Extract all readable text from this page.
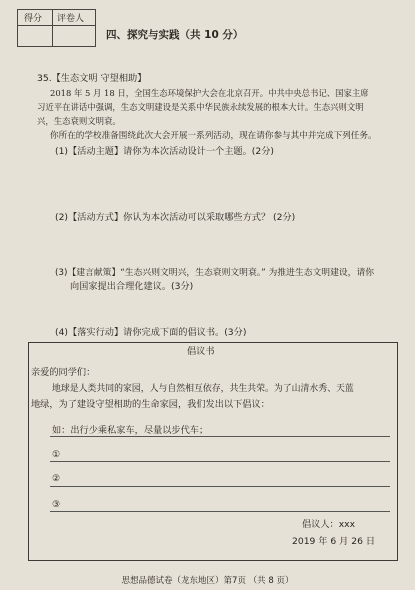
得分 评卷人
四、探究与实践（共 10 分）
35.【生态文明 守望相助】
2018 年 5 月 18 日，全国生态环境保护大会在北京召开。中共中央总书记、国家主席
习近平在讲话中强调，生态文明建设是关系中华民族永续发展的根本大计。生态兴则文明
兴，生态衰则文明衰。
你所在的学校准备围绕此次大会开展一系列活动，现在请你参与其中并完成下列任务。
(1)【活动主题】请你为本次活动设计一个主题。(2分)
(2)【活动方式】你认为本次活动可以采取哪些方式？ (2分)
(3)【建言献策】“生态兴则文明兴，生态衰则文明衰。” 为推进生态文明建设，请你
向国家提出合理化建议。(3分)
(4)【落实行动】请你完成下面的倡议书。(3分)
倡议书
亲爱的同学们：
地球是人类共同的家园，人与自然相互依存，共生共荣。为了山清水秀、天蓝
地绿，为了建设守望相助的生命家园，我们发出以下倡议：
如：出行少乘私家车，尽量以步代车；
①
②
③
倡议人：xxx
2019 年 6 月 26 日
思想品德试卷（龙东地区）第7页 （共 8 页）
